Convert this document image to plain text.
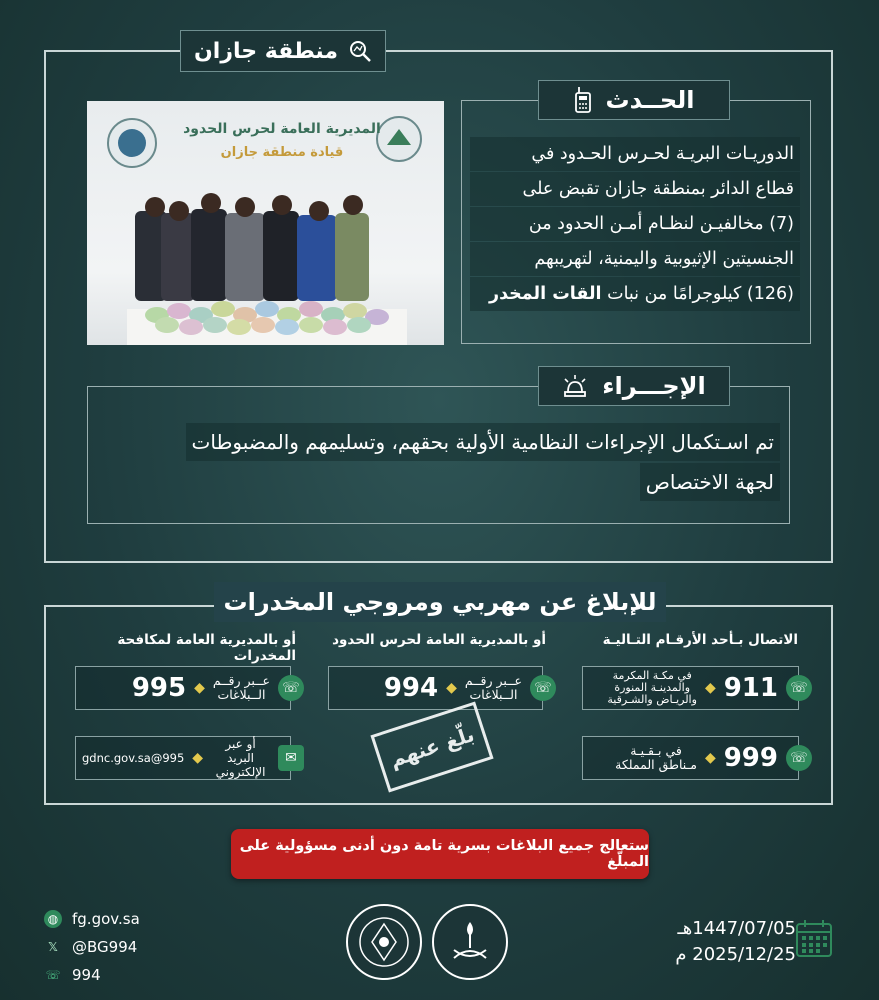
منطقة جازان
المديرية العامة لحرس الحدود
قيادة منطقة جازان
الحــدث
الدوريـات البريـة لحـرس الحـدود في
قطاع الدائر بمنطقة جازان تقبض على
(7) مخالفيـن لنظـام أمـن الحدود من
الجنسيتين الإثيوبية واليمنية، لتهريبهم
(126) كيلوجرامًا من نبات القات المخدر
الإجـــراء
تم اسـتكمال الإجراءات النظامية الأولية بحقهم، وتسليمهم والمضبوطات
لجهة الاختصاص
للإبلاغ عن مهربي ومروجي المخدرات
الاتصال بـأحد الأرقـام التـاليـة
أو بالمديرية العامة لحرس الحدود
أو بالمديرية العامة لمكافحة المخدرات
☏
911
◆
في مكـة المكرمة
والمدينـة المنورة
والريـاض والشـرقية
☏
999
◆
في بـقـيـة
مـناطق المملكة
☏
عــبر رقــم
الــبلاغات
◆
994
☏
عــبر رقــم
الــبلاغات
◆
995
✉
أو عبر البريد
الإلكتروني
◆
995@gdnc.gov.sa	بلّغ عنهم
ستعالج جميع البلاغات بسرية تامة دون أدنى مسؤولية على المبلّغ
◍ fg.gov.sa
𝕏 @BG994
☏ 994
1447/07/05هـ
2025/12/25 م
